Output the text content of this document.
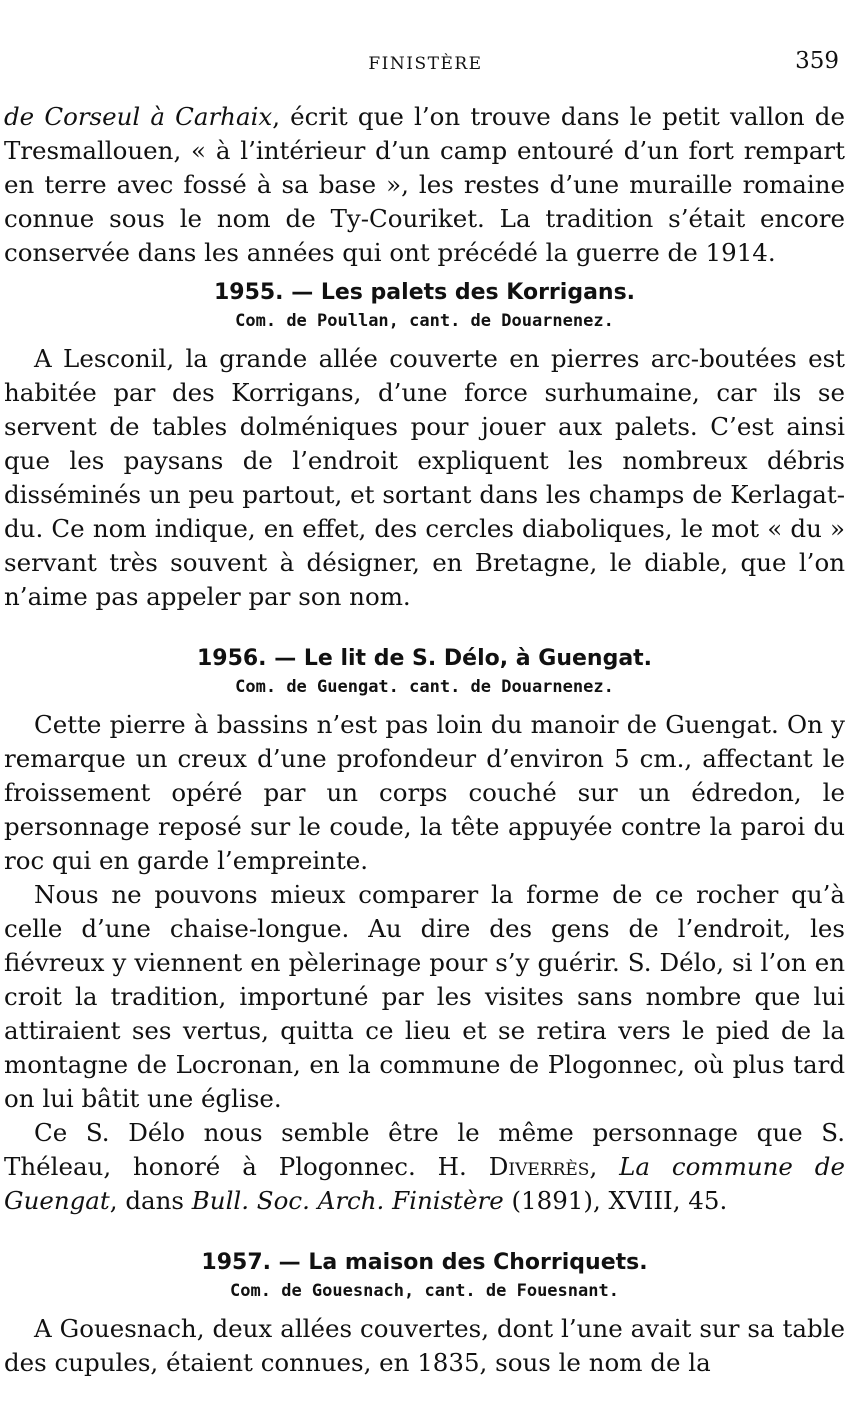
FINISTÈRE	359

de Corseul à Carhaix, écrit que l’on trouve dans le petit vallon de Tresmallouen, « à l’intérieur d’un camp entouré d’un fort rempart en terre avec fossé à sa base », les restes d’une muraille romaine connue sous le nom de Ty-Couriket. La tradition s’était encore conservée dans les années qui ont précédé la guerre de 1914.

1955. — Les palets des Korrigans.
Com. de Poullan, cant. de Douarnenez.

A Lesconil, la grande allée couverte en pierres arc-boutées est habitée par des Korrigans, d’une force surhumaine, car ils se servent de tables dolméniques pour jouer aux palets. C’est ainsi que les paysans de l’endroit expliquent les nombreux débris disséminés un peu partout, et sortant dans les champs de Kerlagat-du. Ce nom indique, en effet, des cercles diaboliques, le mot « du » servant très souvent à désigner, en Bretagne, le diable, que l’on n’aime pas appeler par son nom.

1956. — Le lit de S. Délo, à Guengat.
Com. de Guengat. cant. de Douarnenez.

Cette pierre à bassins n’est pas loin du manoir de Guengat. On y remarque un creux d’une profondeur d’environ 5 cm., affectant le froissement opéré par un corps couché sur un édredon, le personnage reposé sur le coude, la tête appuyée contre la paroi du roc qui en garde l’empreinte.

Nous ne pouvons mieux comparer la forme de ce rocher qu’à celle d’une chaise-longue. Au dire des gens de l’endroit, les fiévreux y viennent en pèlerinage pour s’y guérir. S. Délo, si l’on en croit la tradition, importuné par les visites sans nombre que lui attiraient ses vertus, quitta ce lieu et se retira vers le pied de la montagne de Locronan, en la commune de Plogonnec, où plus tard on lui bâtit une église.

Ce S. Délo nous semble être le même personnage que S. Théleau, honoré à Plogonnec. H. Diverrès, La commune de Guengat, dans Bull. Soc. Arch. Finistère (1891), XVIII, 45.

1957. — La maison des Chorriquets.
Com. de Gouesnach, cant. de Fouesnant.

A Gouesnach, deux allées couvertes, dont l’une avait sur sa table des cupules, étaient connues, en 1835, sous le nom de la
